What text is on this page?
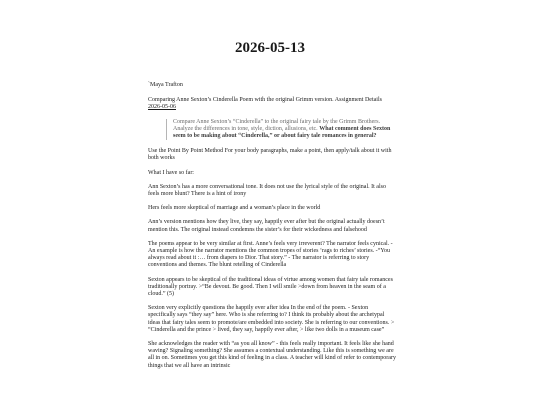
2026-05-13

`Maya Trafton

Comparing Anne Sexton’s Cinderella Poem with the original Grimm version. Assignment Details 2026-05-06

Compare Anne Sexton’s “Cinderella” to the original fairy tale by the Grimm Brothers. Analyze the differences in tone, style, diction, allusions, etc. What comment does Sexton seem to be making about “Cinderella,” or about fairy tale romances in general?

Use the Point By Point Method For your body paragraphs, make a point, then apply/talk about it with both works

What I have so far:

Ann Sexton’s has a more conversational tone. It does not use the lyrical style of the original. It also feels more blunt? There is a hint of irony

Hers feels more skeptical of marriage and a woman’s place in the world

Ann’s version mentions how they live, they say, happily ever after but the original actually doesn’t mention this. The original instead condemns the sister’s for their wickedness and falsehood

The poems appear to be very similar at first. Anne’s feels very irreverent? The narrator feels cynical. - An example is how the narrator mentions the common tropes of stories ‘rags to riches’ stories. -“You always read about it :… from diapers to Dior. That story.” - The narrator is referring to story conventions and themes. The blunt retelling of Cinderella

Sexton appears to be skeptical of the traditional ideas of virtue among women that fairy tale romances traditionally portray. >“Be devout. Be good. Then I will smile >down from heaven in the seam of a cloud.” (5)

Sexton very explicitly questions the happily ever after idea In the end of the poem. - Sexton specifically says “they say” here. Who is she referring to? I think its probably about the archetypal ideas that fairy tales seem to promote/are embedded into society. She is referring to our conventions. > “Cinderella and the prince > lived, they say, happily ever after, > like two dolls in a museum case”

She acknowledges the reader with “as you all know” - this feels really important. It feels like she hand waving? Signaling something? She assumes a contextual understanding. Like this is something we are all in on. Sometimes you get this kind of feeling in a class. A teacher will kind of refer to contemporary things that we all have an intrinsic
